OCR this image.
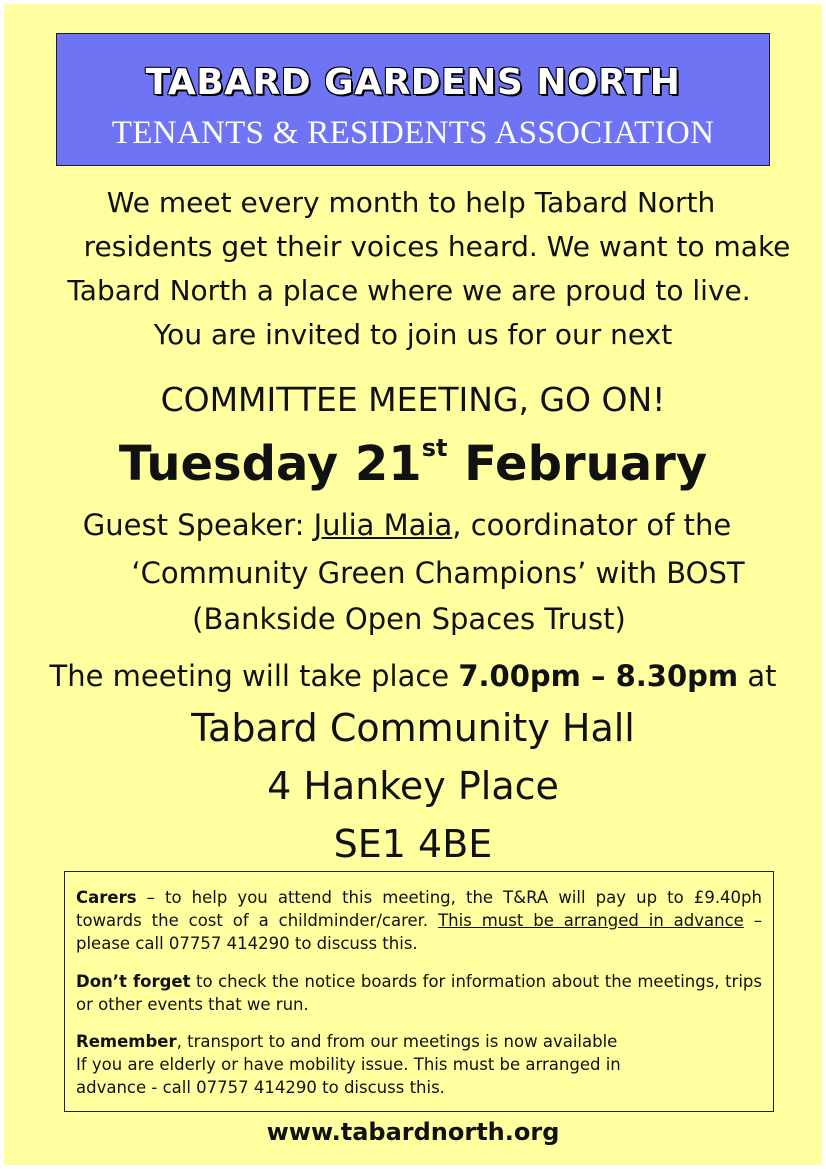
TABARD GARDENS NORTH
TENANTS & RESIDENTS ASSOCIATION
We meet every month to help Tabard North
residents get their voices heard. We want to make
Tabard North a place where we are proud to live.
You are invited to join us for our next
COMMITTEE MEETING, GO ON!
Tuesday 21st February
Guest Speaker: Julia Maia, coordinator of the
‘Community Green Champions’ with BOST
(Bankside Open Spaces Trust)
The meeting will take place 7.00pm – 8.30pm at
Tabard Community Hall
4 Hankey Place
SE1 4BE

Carers – to help you attend this meeting, the T&RA will pay up to £9.40ph towards the cost of a childminder/carer. This must be arranged in advance – please call 07757 414290 to discuss this.

Don’t forget to check the notice boards for information about the meetings, trips or other events that we run.

Remember, transport to and from our meetings is now available
If you are elderly or have mobility issue. This must be arranged in
advance - call 07757 414290 to discuss this.

www.tabardnorth.org
